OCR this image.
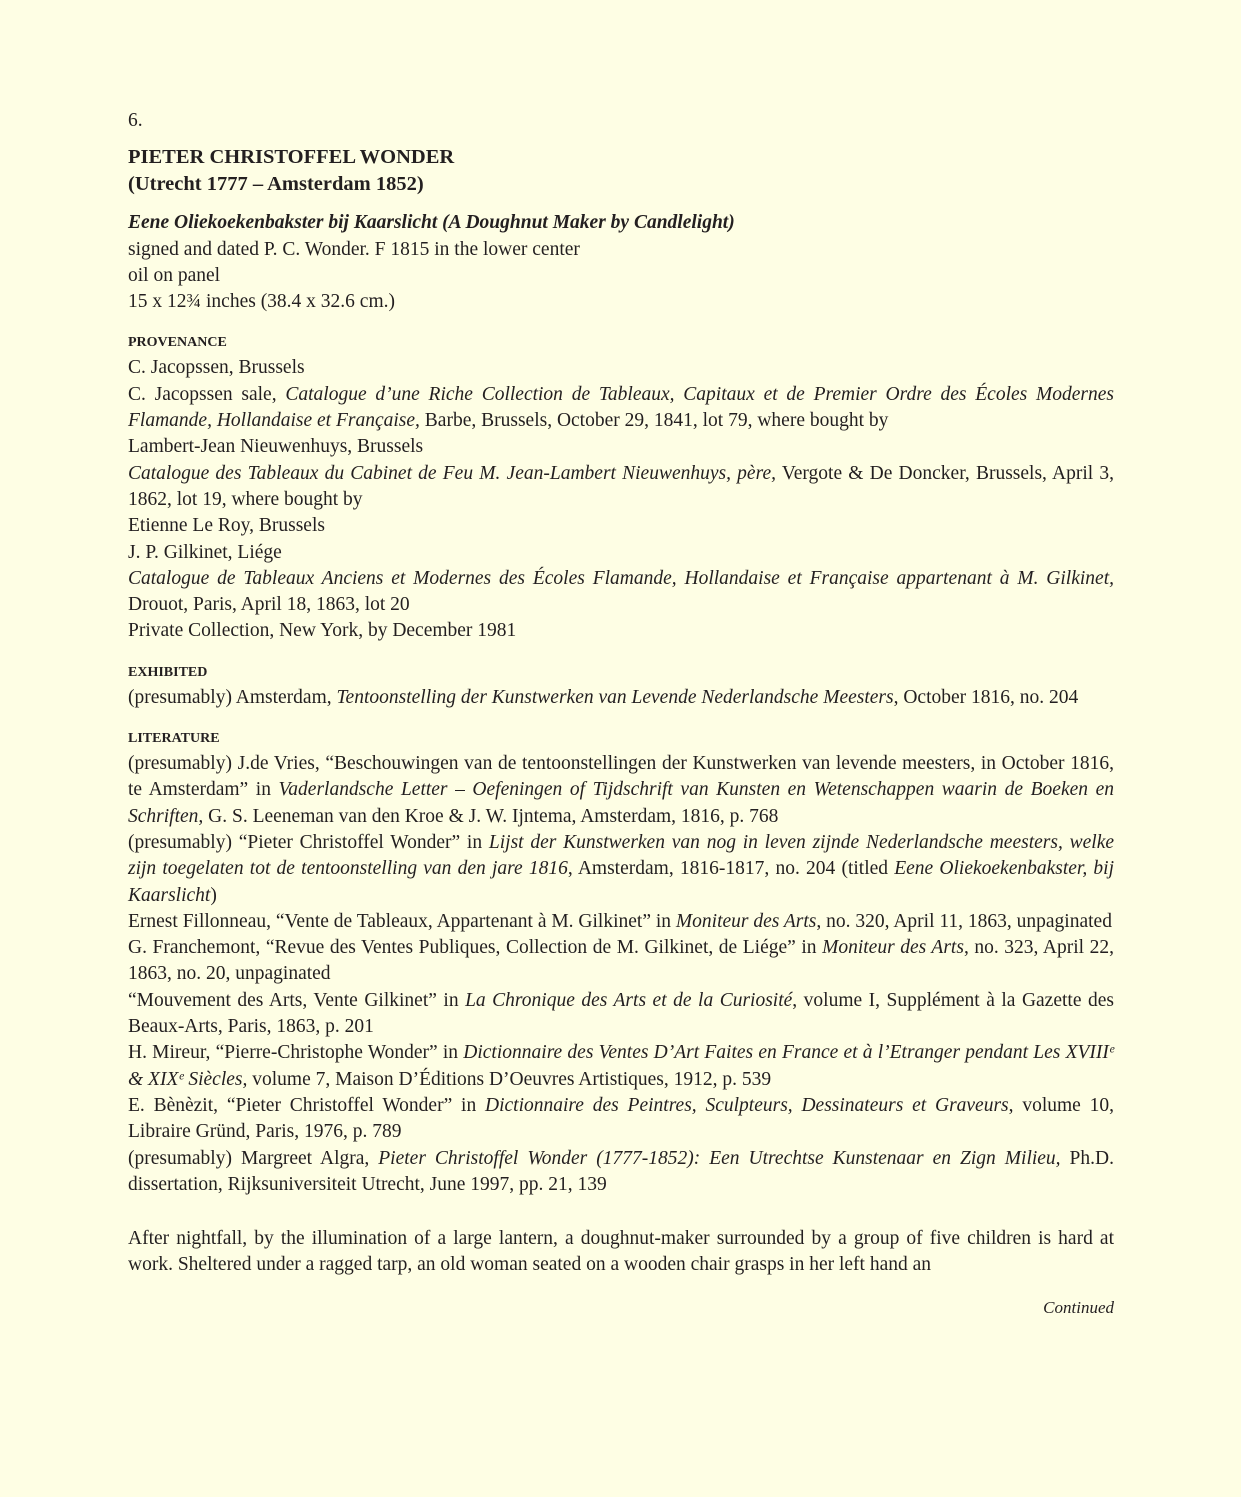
6.
PIETER CHRISTOFFEL WONDER
(Utrecht 1777 – Amsterdam 1852)
Eene Oliekoekenbakster bij Kaarslicht (A Doughnut Maker by Candlelight)
signed and dated P. C. Wonder. F 1815 in the lower center
oil on panel
15 x 12¾ inches (38.4 x 32.6 cm.)
PROVENANCE
C. Jacopssen, Brussels
C. Jacopssen sale, Catalogue d’une Riche Collection de Tableaux, Capitaux et de Premier Ordre des Écoles Modernes Flamande, Hollandaise et Française, Barbe, Brussels, October 29, 1841, lot 79, where bought by
Lambert-Jean Nieuwenhuys, Brussels
Catalogue des Tableaux du Cabinet de Feu M. Jean-Lambert Nieuwenhuys, père, Vergote & De Doncker, Brussels, April 3, 1862, lot 19, where bought by
Etienne Le Roy, Brussels
J. P. Gilkinet, Liége
Catalogue de Tableaux Anciens et Modernes des Écoles Flamande, Hollandaise et Française appartenant à M. Gilkinet, Drouot, Paris, April 18, 1863, lot 20
Private Collection, New York, by December 1981
EXHIBITED
(presumably) Amsterdam, Tentoonstelling der Kunstwerken van Levende Nederlandsche Meesters, October 1816, no. 204
LITERATURE
(presumably) J.de Vries, “Beschouwingen van de tentoonstellingen der Kunstwerken van levende meesters, in October 1816, te Amsterdam” in Vaderlandsche Letter – Oefeningen of Tijdschrift van Kunsten en Wetenschappen waarin de Boeken en Schriften, G. S. Leeneman van den Kroe & J. W. Ijntema, Amsterdam, 1816, p. 768
(presumably) “Pieter Christoffel Wonder” in Lijst der Kunstwerken van nog in leven zijnde Nederlandsche meesters, welke zijn toegelaten tot de tentoonstelling van den jare 1816, Amsterdam, 1816-1817, no. 204 (titled Eene Oliekoekenbakster, bij Kaarslicht)
Ernest Fillonneau, “Vente de Tableaux, Appartenant à M. Gilkinet” in Moniteur des Arts, no. 320, April 11, 1863, unpaginated
G. Franchemont, “Revue des Ventes Publiques, Collection de M. Gilkinet, de Liége” in Moniteur des Arts, no. 323, April 22, 1863, no. 20, unpaginated
“Mouvement des Arts, Vente Gilkinet” in La Chronique des Arts et de la Curiosité, volume I, Supplément à la Gazette des Beaux-Arts, Paris, 1863, p. 201
H. Mireur, “Pierre-Christophe Wonder” in Dictionnaire des Ventes D’Art Faites en France et à l’Etranger pendant Les XVIIIᵉ & XIXᵉ Siècles, volume 7, Maison D’Éditions D’Oeuvres Artistiques, 1912, p. 539
E. Bènèzit, “Pieter Christoffel Wonder” in Dictionnaire des Peintres, Sculpteurs, Dessinateurs et Graveurs, volume 10, Libraire Gründ, Paris, 1976, p. 789
(presumably) Margreet Algra, Pieter Christoffel Wonder (1777-1852): Een Utrechtse Kunstenaar en Zign Milieu, Ph.D. dissertation, Rijksuniversiteit Utrecht, June 1997, pp. 21, 139
After nightfall, by the illumination of a large lantern, a doughnut-maker surrounded by a group of five children is hard at work. Sheltered under a ragged tarp, an old woman seated on a wooden chair grasps in her left hand an
Continued
